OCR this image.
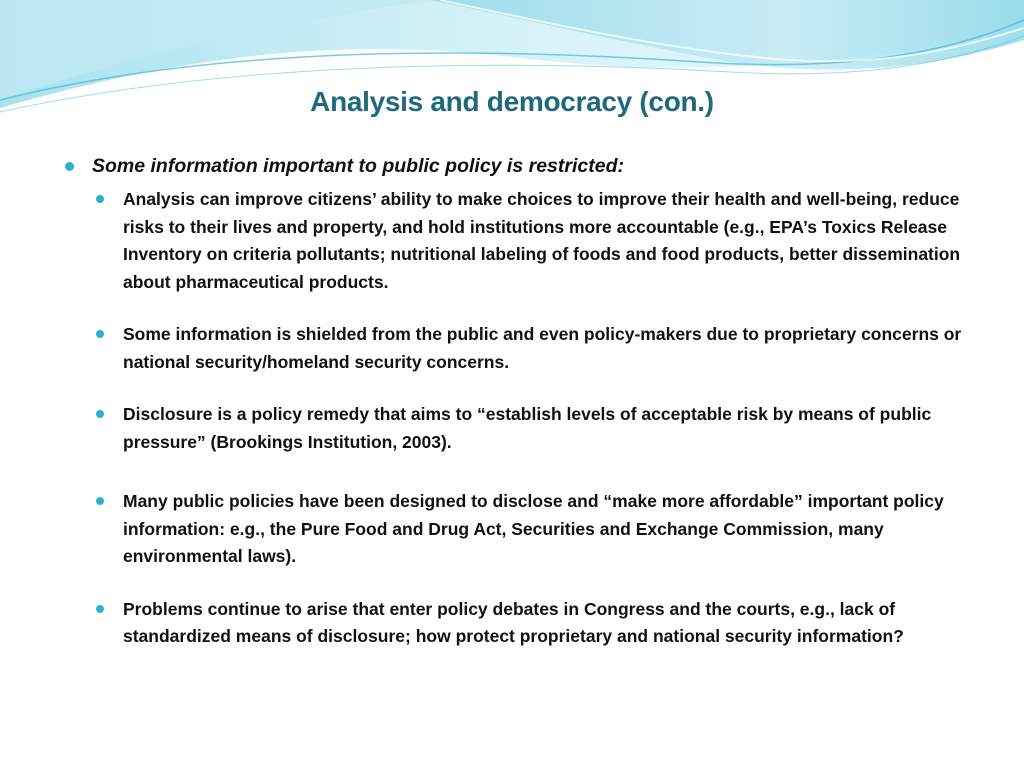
Analysis and democracy (con.)
Some information important to public policy is restricted:
Analysis can improve citizens’ ability to make choices to improve their health and well-being, reduce risks to their lives and property, and hold institutions more accountable (e.g., EPA’s Toxics Release Inventory on criteria pollutants; nutritional labeling of foods and food products, better dissemination about pharmaceutical products.
Some information is shielded from the public and even policy-makers due to proprietary concerns or national security/homeland security concerns.
Disclosure is a policy remedy that aims to “establish levels of acceptable risk by means of public pressure” (Brookings Institution, 2003).
Many public policies have been designed to disclose and “make more affordable” important policy information: e.g., the Pure Food and Drug Act, Securities and Exchange Commission, many environmental laws).
Problems continue to arise that enter policy debates in Congress and the courts, e.g., lack of standardized means of disclosure; how protect proprietary and national security information?
